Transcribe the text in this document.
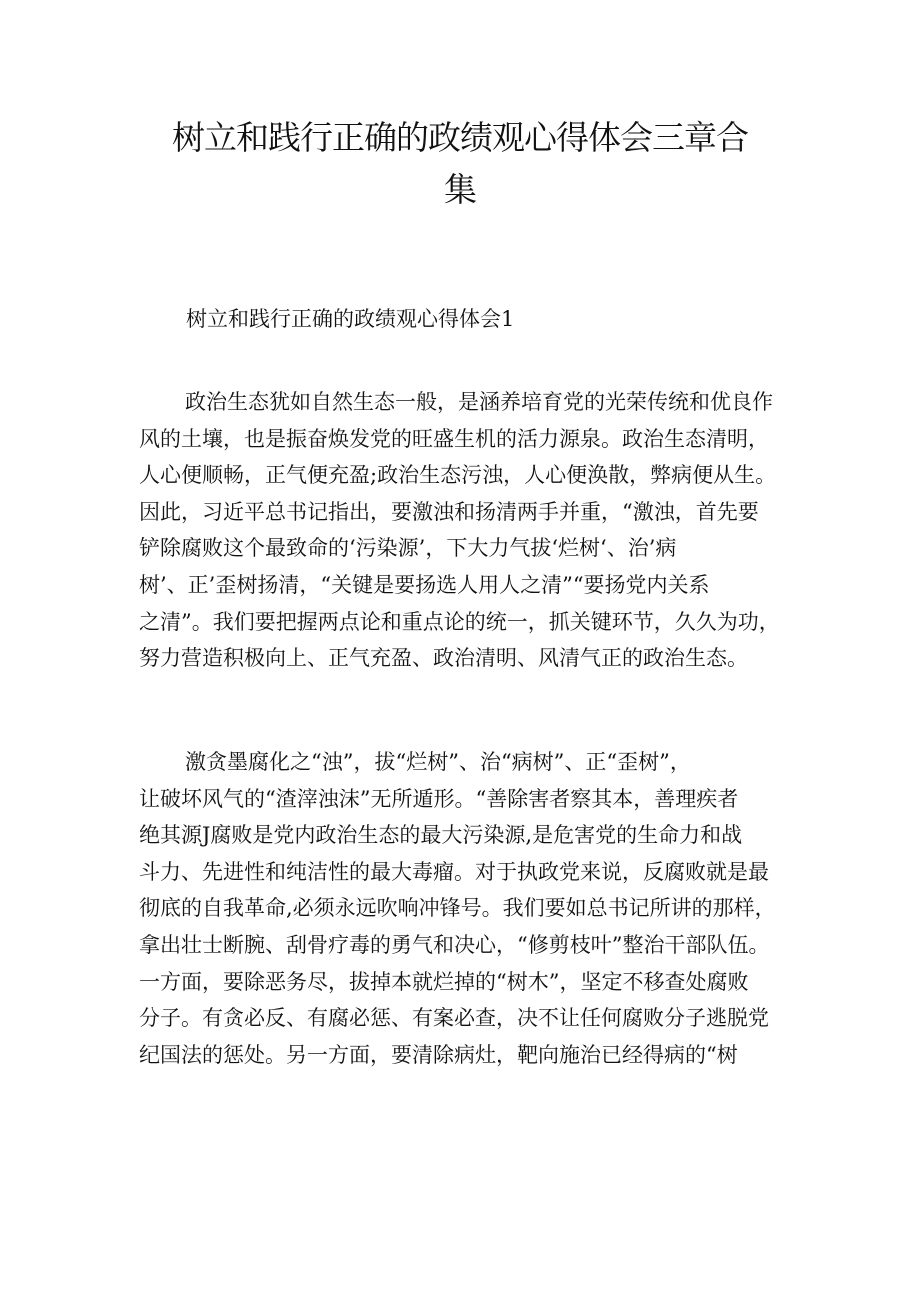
树立和践行正确的政绩观心得体会三章合
集

树立和践行正确的政绩观心得体会1

政治生态犹如自然生态一般，是涵养培育党的光荣传统和优良作
风的土壤，也是振奋焕发党的旺盛生机的活力源泉。政治生态清明，
人心便顺畅，正气便充盈;政治生态污浊，人心便涣散，弊病便从生。
因此，习近平总书记指出，要激浊和扬清两手并重，“激浊，首先要
铲除腐败这个最致命的‘污染源’，下大力气拔‘烂树‘、治’病
树’、正’歪树扬清，“关键是要扬选人用人之清”“要扬党内关系
之清”。我们要把握两点论和重点论的统一，抓关键环节，久久为功，
努力营造积极向上、正气充盈、政治清明、风清气正的政治生态。
激贪墨腐化之“浊”，拔“烂树”、治“病树”、正“歪树”，
让破坏风气的“渣滓浊沫”无所遁形。“善除害者察其本，善理疾者
绝其源J腐败是党内政治生态的最大污染源,是危害党的生命力和战
斗力、先进性和纯洁性的最大毒瘤。对于执政党来说，反腐败就是最
彻底的自我革命,必须永远吹响冲锋号。我们要如总书记所讲的那样，
拿出壮士断腕、刮骨疗毒的勇气和决心，“修剪枝叶”整治干部队伍。
一方面，要除恶务尽，拔掉本就烂掉的“树木”，坚定不移查处腐败
分子。有贪必反、有腐必惩、有案必查，决不让任何腐败分子逃脱党
纪国法的惩处。另一方面，要清除病灶，靶向施治已经得病的“树
